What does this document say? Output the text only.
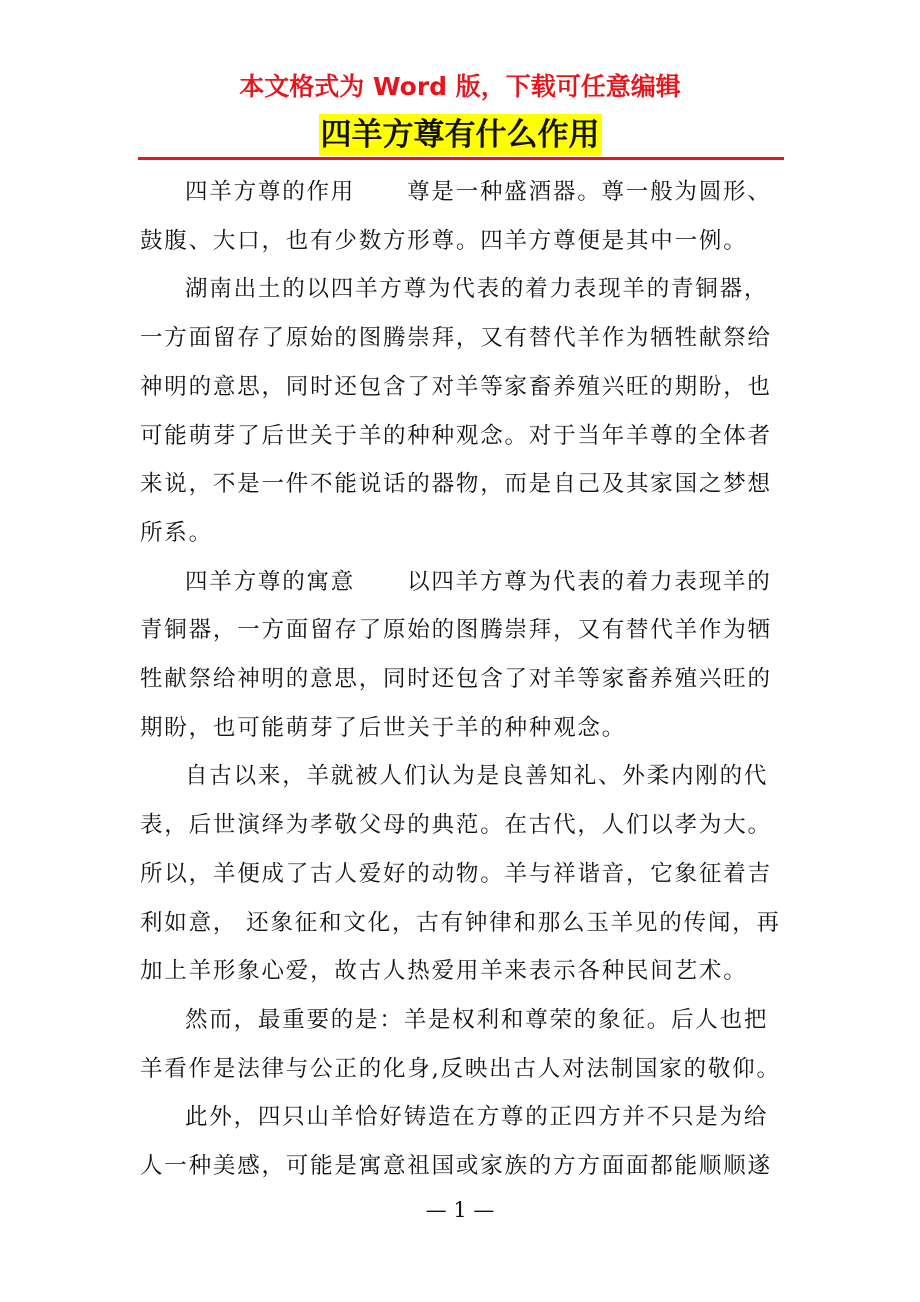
本文格式为 Word 版，下载可任意编辑
四羊方尊有什么作用

四羊方尊的作用 尊是一种盛酒器。尊一般为圆形、鼓腹、大口，也有少数方形尊。四羊方尊便是其中一例。

湖南出土的以四羊方尊为代表的着力表现羊的青铜器，一方面留存了原始的图腾崇拜，又有替代羊作为牺牲献祭给神明的意思，同时还包含了对羊等家畜养殖兴旺的期盼，也可能萌芽了后世关于羊的种种观念。对于当年羊尊的全体者来说，不是一件不能说话的器物，而是自己及其家国之梦想所系。

四羊方尊的寓意 以四羊方尊为代表的着力表现羊的青铜器，一方面留存了原始的图腾崇拜，又有替代羊作为牺牲献祭给神明的意思，同时还包含了对羊等家畜养殖兴旺的期盼，也可能萌芽了后世关于羊的种种观念。

自古以来，羊就被人们认为是良善知礼、外柔内刚的代表，后世演绎为孝敬父母的典范。在古代，人们以孝为大。所以，羊便成了古人爱好的动物。羊与祥谐音，它象征着吉利如意， 还象征和文化，古有钟律和那么玉羊见的传闻，再加上羊形象心爱，故古人热爱用羊来表示各种民间艺术。

然而，最重要的是：羊是权利和尊荣的象征。后人也把羊看作是法律与公正的化身,反映出古人对法制国家的敬仰。

此外，四只山羊恰好铸造在方尊的正四方并不只是为给人一种美感，可能是寓意祖国或家族的方方面面都能顺顺遂

— 1 —
